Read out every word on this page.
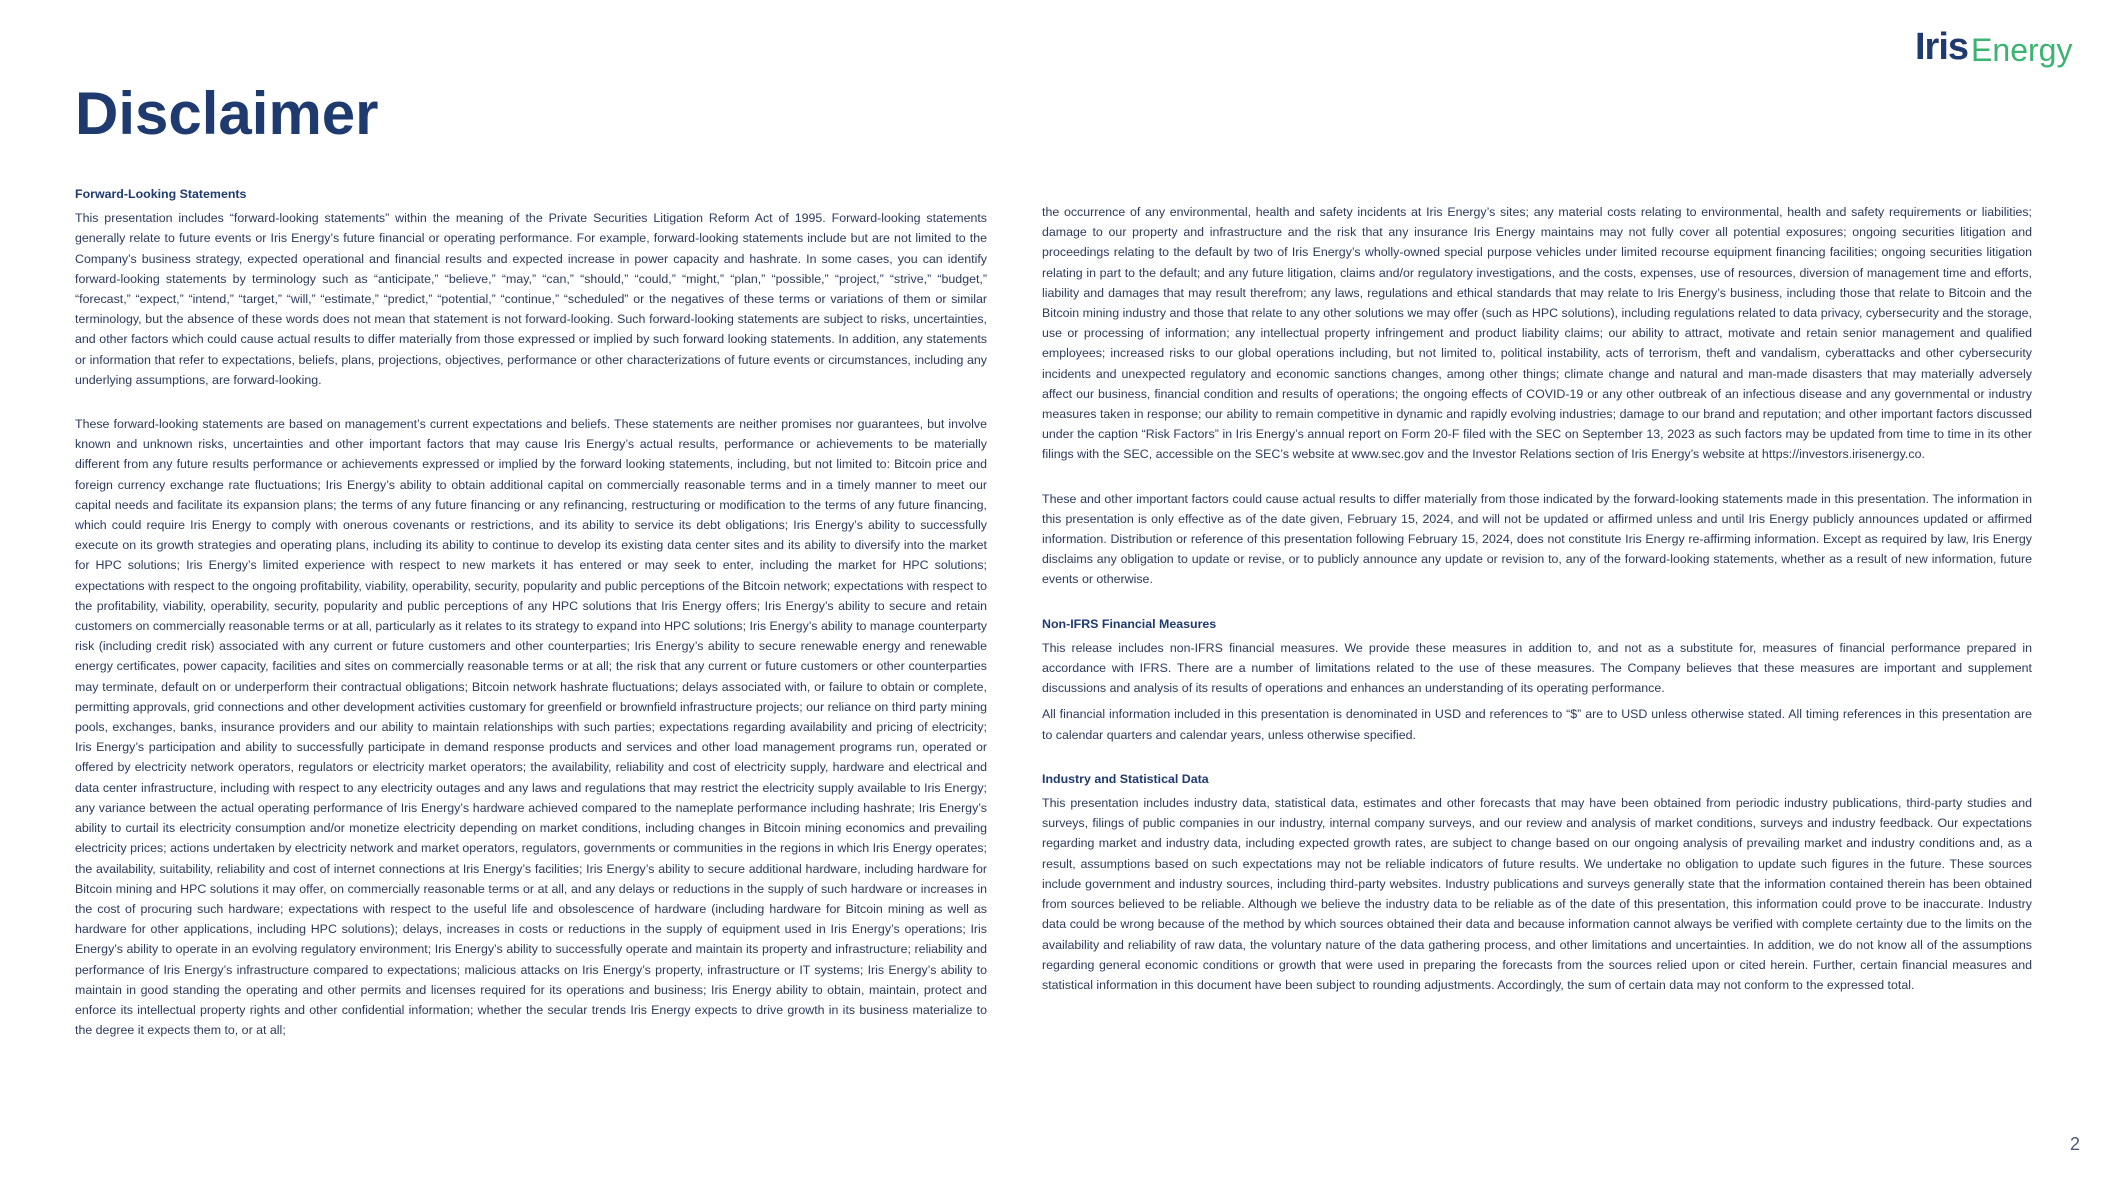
Iris Energy
Disclaimer

Forward-Looking Statements

This presentation includes “forward-looking statements” within the meaning of the Private Securities Litigation Reform Act of 1995. Forward-looking statements generally relate to future events or Iris Energy’s future financial or operating performance. For example, forward-looking statements include but are not limited to the Company’s business strategy, expected operational and financial results and expected increase in power capacity and hashrate. In some cases, you can identify forward-looking statements by terminology such as “anticipate,” “believe,” “may,” “can,” “should,” “could,” “might,” “plan,” “possible,” “project,” “strive,” “budget,” “forecast,” “expect,” “intend,” “target,” “will,” “estimate,” “predict,” “potential,” “continue,” “scheduled” or the negatives of these terms or variations of them or similar terminology, but the absence of these words does not mean that statement is not forward-looking. Such forward-looking statements are subject to risks, uncertainties, and other factors which could cause actual results to differ materially from those expressed or implied by such forward looking statements. In addition, any statements or information that refer to expectations, beliefs, plans, projections, objectives, performance or other characterizations of future events or circumstances, including any underlying assumptions, are forward-looking.

These forward-looking statements are based on management’s current expectations and beliefs. These statements are neither promises nor guarantees, but involve known and unknown risks, uncertainties and other important factors that may cause Iris Energy’s actual results, performance or achievements to be materially different from any future results performance or achievements expressed or implied by the forward looking statements, including, but not limited to: Bitcoin price and foreign currency exchange rate fluctuations; Iris Energy’s ability to obtain additional capital on commercially reasonable terms and in a timely manner to meet our capital needs and facilitate its expansion plans; the terms of any future financing or any refinancing, restructuring or modification to the terms of any future financing, which could require Iris Energy to comply with onerous covenants or restrictions, and its ability to service its debt obligations; Iris Energy’s ability to successfully execute on its growth strategies and operating plans, including its ability to continue to develop its existing data center sites and its ability to diversify into the market for HPC solutions; Iris Energy’s limited experience with respect to new markets it has entered or may seek to enter, including the market for HPC solutions; expectations with respect to the ongoing profitability, viability, operability, security, popularity and public perceptions of the Bitcoin network; expectations with respect to the profitability, viability, operability, security, popularity and public perceptions of any HPC solutions that Iris Energy offers; Iris Energy’s ability to secure and retain customers on commercially reasonable terms or at all, particularly as it relates to its strategy to expand into HPC solutions; Iris Energy’s ability to manage counterparty risk (including credit risk) associated with any current or future customers and other counterparties; Iris Energy’s ability to secure renewable energy and renewable energy certificates, power capacity, facilities and sites on commercially reasonable terms or at all; the risk that any current or future customers or other counterparties may terminate, default on or underperform their contractual obligations; Bitcoin network hashrate fluctuations; delays associated with, or failure to obtain or complete, permitting approvals, grid connections and other development activities customary for greenfield or brownfield infrastructure projects; our reliance on third party mining pools, exchanges, banks, insurance providers and our ability to maintain relationships with such parties; expectations regarding availability and pricing of electricity; Iris Energy’s participation and ability to successfully participate in demand response products and services and other load management programs run, operated or offered by electricity network operators, regulators or electricity market operators; the availability, reliability and cost of electricity supply, hardware and electrical and data center infrastructure, including with respect to any electricity outages and any laws and regulations that may restrict the electricity supply available to Iris Energy; any variance between the actual operating performance of Iris Energy’s hardware achieved compared to the nameplate performance including hashrate; Iris Energy’s ability to curtail its electricity consumption and/or monetize electricity depending on market conditions, including changes in Bitcoin mining economics and prevailing electricity prices; actions undertaken by electricity network and market operators, regulators, governments or communities in the regions in which Iris Energy operates; the availability, suitability, reliability and cost of internet connections at Iris Energy’s facilities; Iris Energy’s ability to secure additional hardware, including hardware for Bitcoin mining and HPC solutions it may offer, on commercially reasonable terms or at all, and any delays or reductions in the supply of such hardware or increases in the cost of procuring such hardware; expectations with respect to the useful life and obsolescence of hardware (including hardware for Bitcoin mining as well as hardware for other applications, including HPC solutions); delays, increases in costs or reductions in the supply of equipment used in Iris Energy’s operations; Iris Energy’s ability to operate in an evolving regulatory environment; Iris Energy’s ability to successfully operate and maintain its property and infrastructure; reliability and performance of Iris Energy’s infrastructure compared to expectations; malicious attacks on Iris Energy’s property, infrastructure or IT systems; Iris Energy’s ability to maintain in good standing the operating and other permits and licenses required for its operations and business; Iris Energy ability to obtain, maintain, protect and enforce its intellectual property rights and other confidential information; whether the secular trends Iris Energy expects to drive growth in its business materialize to the degree it expects them to, or at all;

the occurrence of any environmental, health and safety incidents at Iris Energy’s sites; any material costs relating to environmental, health and safety requirements or liabilities; damage to our property and infrastructure and the risk that any insurance Iris Energy maintains may not fully cover all potential exposures; ongoing securities litigation and proceedings relating to the default by two of Iris Energy’s wholly-owned special purpose vehicles under limited recourse equipment financing facilities; ongoing securities litigation relating in part to the default; and any future litigation, claims and/or regulatory investigations, and the costs, expenses, use of resources, diversion of management time and efforts, liability and damages that may result therefrom; any laws, regulations and ethical standards that may relate to Iris Energy’s business, including those that relate to Bitcoin and the Bitcoin mining industry and those that relate to any other solutions we may offer (such as HPC solutions), including regulations related to data privacy, cybersecurity and the storage, use or processing of information; any intellectual property infringement and product liability claims; our ability to attract, motivate and retain senior management and qualified employees; increased risks to our global operations including, but not limited to, political instability, acts of terrorism, theft and vandalism, cyberattacks and other cybersecurity incidents and unexpected regulatory and economic sanctions changes, among other things; climate change and natural and man-made disasters that may materially adversely affect our business, financial condition and results of operations; the ongoing effects of COVID-19 or any other outbreak of an infectious disease and any governmental or industry measures taken in response; our ability to remain competitive in dynamic and rapidly evolving industries; damage to our brand and reputation; and other important factors discussed under the caption “Risk Factors” in Iris Energy’s annual report on Form 20-F filed with the SEC on September 13, 2023 as such factors may be updated from time to time in its other filings with the SEC, accessible on the SEC’s website at www.sec.gov and the Investor Relations section of Iris Energy’s website at https://investors.irisenergy.co.

These and other important factors could cause actual results to differ materially from those indicated by the forward-looking statements made in this presentation. The information in this presentation is only effective as of the date given, February 15, 2024, and will not be updated or affirmed unless and until Iris Energy publicly announces updated or affirmed information. Distribution or reference of this presentation following February 15, 2024, does not constitute Iris Energy re-affirming information. Except as required by law, Iris Energy disclaims any obligation to update or revise, or to publicly announce any update or revision to, any of the forward-looking statements, whether as a result of new information, future events or otherwise.

Non-IFRS Financial Measures

This release includes non-IFRS financial measures. We provide these measures in addition to, and not as a substitute for, measures of financial performance prepared in accordance with IFRS. There are a number of limitations related to the use of these measures. The Company believes that these measures are important and supplement discussions and analysis of its results of operations and enhances an understanding of its operating performance.

All financial information included in this presentation is denominated in USD and references to “$” are to USD unless otherwise stated. All timing references in this presentation are to calendar quarters and calendar years, unless otherwise specified.

Industry and Statistical Data

This presentation includes industry data, statistical data, estimates and other forecasts that may have been obtained from periodic industry publications, third-party studies and surveys, filings of public companies in our industry, internal company surveys, and our review and analysis of market conditions, surveys and industry feedback. Our expectations regarding market and industry data, including expected growth rates, are subject to change based on our ongoing analysis of prevailing market and industry conditions and, as a result, assumptions based on such expectations may not be reliable indicators of future results. We undertake no obligation to update such figures in the future. These sources include government and industry sources, including third-party websites. Industry publications and surveys generally state that the information contained therein has been obtained from sources believed to be reliable. Although we believe the industry data to be reliable as of the date of this presentation, this information could prove to be inaccurate. Industry data could be wrong because of the method by which sources obtained their data and because information cannot always be verified with complete certainty due to the limits on the availability and reliability of raw data, the voluntary nature of the data gathering process, and other limitations and uncertainties. In addition, we do not know all of the assumptions regarding general economic conditions or growth that were used in preparing the forecasts from the sources relied upon or cited herein. Further, certain financial measures and statistical information in this document have been subject to rounding adjustments. Accordingly, the sum of certain data may not conform to the expressed total.

2
